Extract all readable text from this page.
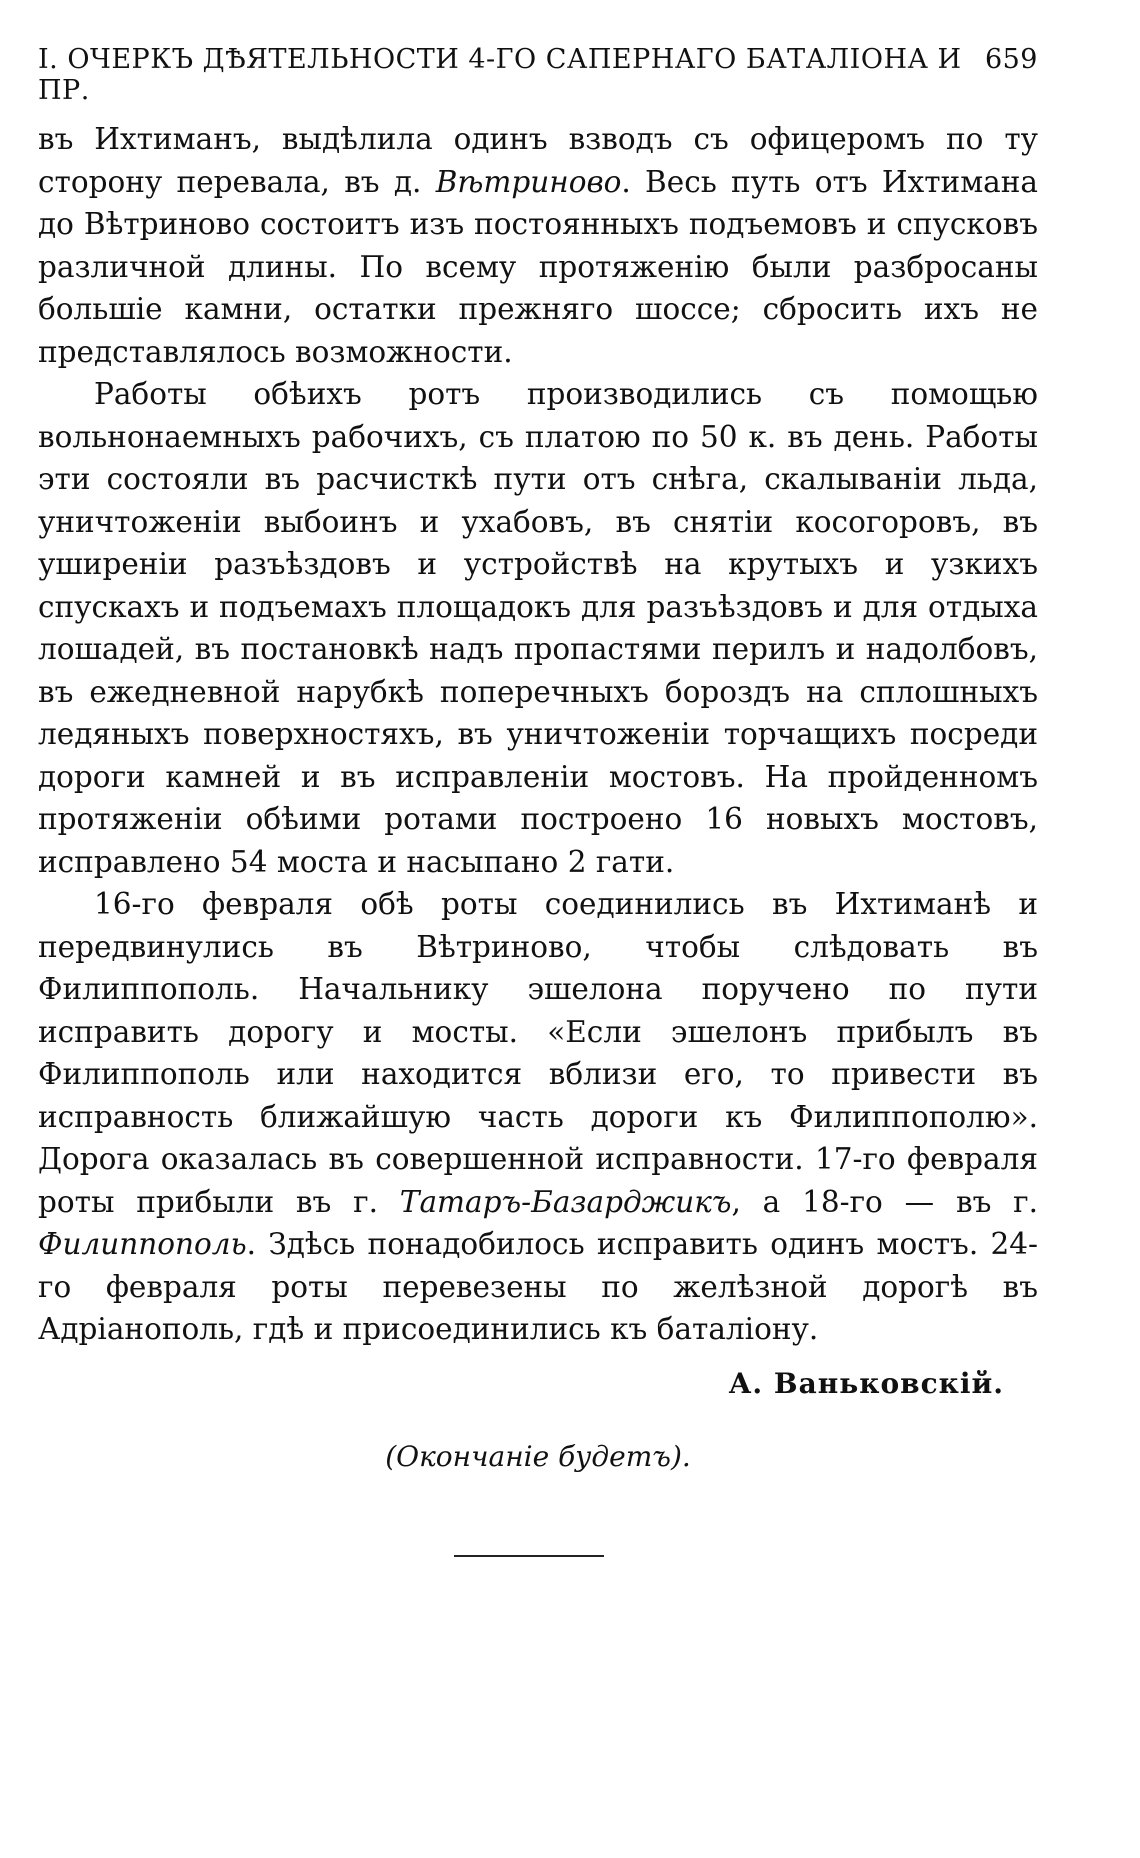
I. ОЧЕРКЪ ДѢЯТЕЛЬНОСТИ 4-ГО САПЕРНАГО БАТАЛІОНА И ПР.
659

въ Ихтиманъ, выдѣлила одинъ взводъ съ офицеромъ по ту сторону перевала, въ д. Вѣтриново. Весь путь отъ Ихтимана до Вѣтриново состоитъ изъ постоянныхъ подъемовъ и спусковъ различной длины. По всему протяженію были разбросаны большіе камни, остатки прежняго шоссе; сбросить ихъ не представлялось возможности.

Работы обѣихъ ротъ производились съ помощью вольнонаемныхъ рабочихъ, съ платою по 50 к. въ день. Работы эти состояли въ расчисткѣ пути отъ снѣга, скалываніи льда, уничтоженіи выбоинъ и ухабовъ, въ снятіи косогоровъ, въ уширеніи разъѣздовъ и устройствѣ на крутыхъ и узкихъ спускахъ и подъемахъ площадокъ для разъѣздовъ и для отдыха лошадей, въ постановкѣ надъ пропастями перилъ и надолбовъ, въ ежедневной нарубкѣ поперечныхъ бороздъ на сплошныхъ ледяныхъ поверхностяхъ, въ уничтоженіи торчащихъ посреди дороги камней и въ исправленіи мостовъ. На пройденномъ протяженіи обѣими ротами построено 16 новыхъ мостовъ, исправлено 54 моста и насыпано 2 гати.

16-го февраля обѣ роты соединились въ Ихтиманѣ и передвинулись въ Вѣтриново, чтобы слѣдовать въ Филиппополь. Начальнику эшелона поручено по пути исправить дорогу и мосты. «Если эшелонъ прибылъ въ Филиппополь или находится вблизи его, то привести въ исправность ближайшую часть дороги къ Филиппополю». Дорога оказалась въ совершенной исправности. 17-го февраля роты прибыли въ г. Татаръ-Базарджикъ, а 18-го — въ г. Филиппополь. Здѣсь понадобилось исправить одинъ мостъ. 24-го февраля роты перевезены по желѣзной дорогѣ въ Адріанополь, гдѣ и присоединились къ баталіону.

А. Ваньковскій.
(Окончаніе будетъ).
